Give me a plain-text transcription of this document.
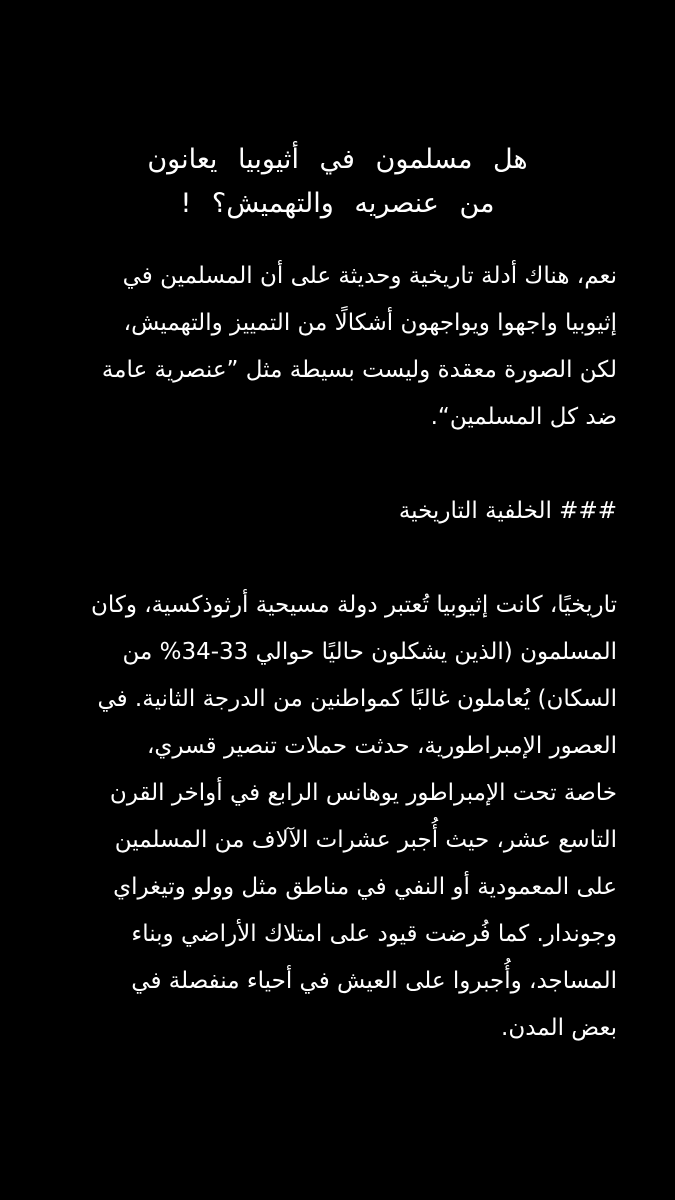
هل مسلمون في أثيوبيا يعانون
من عنصريه والتهميش؟ !

نعم، هناك أدلة تاريخية وحديثة على أن المسلمين في
إثيوبيا واجهوا ويواجهون أشكالًا من التمييز والتهميش،
لكن الصورة معقدة وليست بسيطة مثل ”عنصرية عامة
ضد كل المسلمين“.

### الخلفية التاريخية

تاريخيًا، كانت إثيوبيا تُعتبر دولة مسيحية أرثوذكسية، وكان
المسلمون (الذين يشكلون حاليًا حوالي 33-34% من
السكان) يُعاملون غالبًا كمواطنين من الدرجة الثانية. في
العصور الإمبراطورية، حدثت حملات تنصير قسري،
خاصة تحت الإمبراطور يوهانس الرابع في أواخر القرن
التاسع عشر، حيث أُجبر عشرات الآلاف من المسلمين
على المعمودية أو النفي في مناطق مثل وولو وتيغراي
وجوندار. كما فُرضت قيود على امتلاك الأراضي وبناء
المساجد، وأُجبروا على العيش في أحياء منفصلة في
بعض المدن.
